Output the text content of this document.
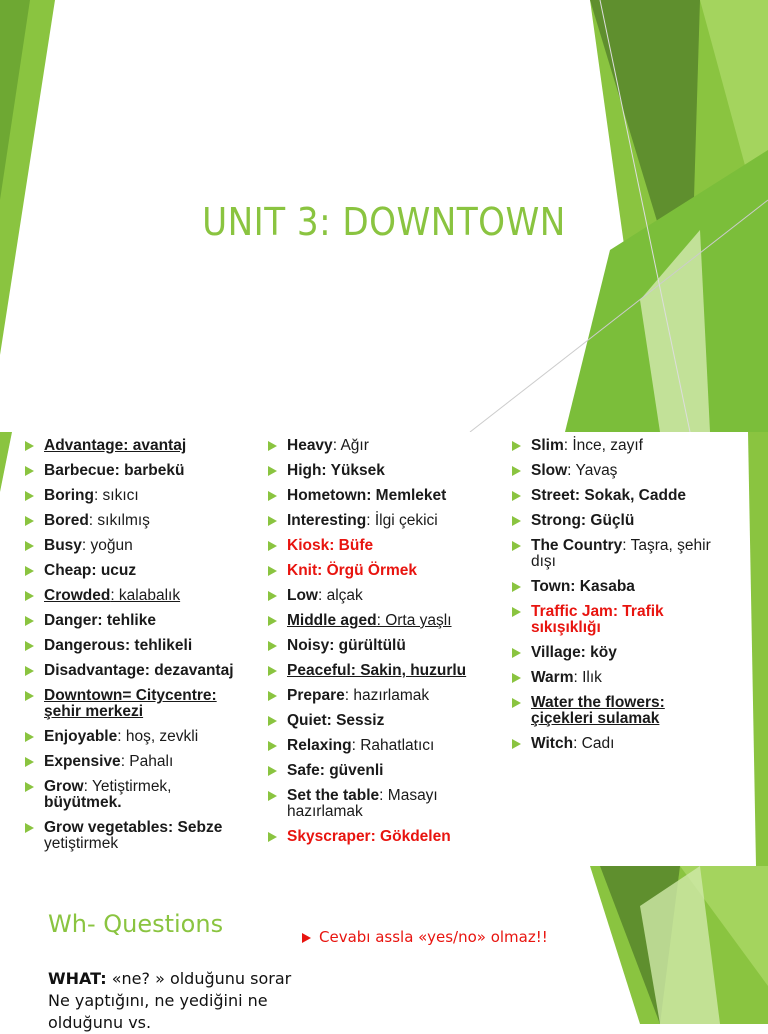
UNIT 3: DOWNTOWN
Advantage: avantaj
Barbecue: barbekü
Boring: sıkıcı
Bored: sıkılmış
Busy: yoğun
Cheap: ucuz
Crowded: kalabalık
Danger: tehlike
Dangerous: tehlikeli
Disadvantage: dezavantaj
Downtown= Citycentre:
şehir merkezi
Enjoyable: hoş, zevkli
Expensive: Pahalı
Grow: Yetiştirmek,
büyütmek.
Grow vegetables: Sebze
yetiştirmek
Heavy: Ağır
High: Yüksek
Hometown: Memleket
Interesting: İlgi çekici
Kiosk: Büfe
Knit: Örgü Örmek
Low: alçak
Middle aged: Orta yaşlı
Noisy: gürültülü
Peaceful: Sakin, huzurlu
Prepare: hazırlamak
Quiet: Sessiz
Relaxing: Rahatlatıcı
Safe: güvenli
Set the table: Masayı
hazırlamak
Skyscraper: Gökdelen
Slim: İnce, zayıf
Slow: Yavaş
Street: Sokak, Cadde
Strong: Güçlü
The Country: Taşra, şehir
dışı
Town: Kasaba
Traffic Jam: Trafik
sıkışıklığı
Village: köy
Warm: Ilık
Water the flowers:
çiçekleri sulamak
Witch: Cadı
Wh- Questions	Cevabı assla «yes/no» olmaz!!
WHAT: «ne? » olduğunu sorar
Ne yaptığını, ne yediğini ne
olduğunu vs.
